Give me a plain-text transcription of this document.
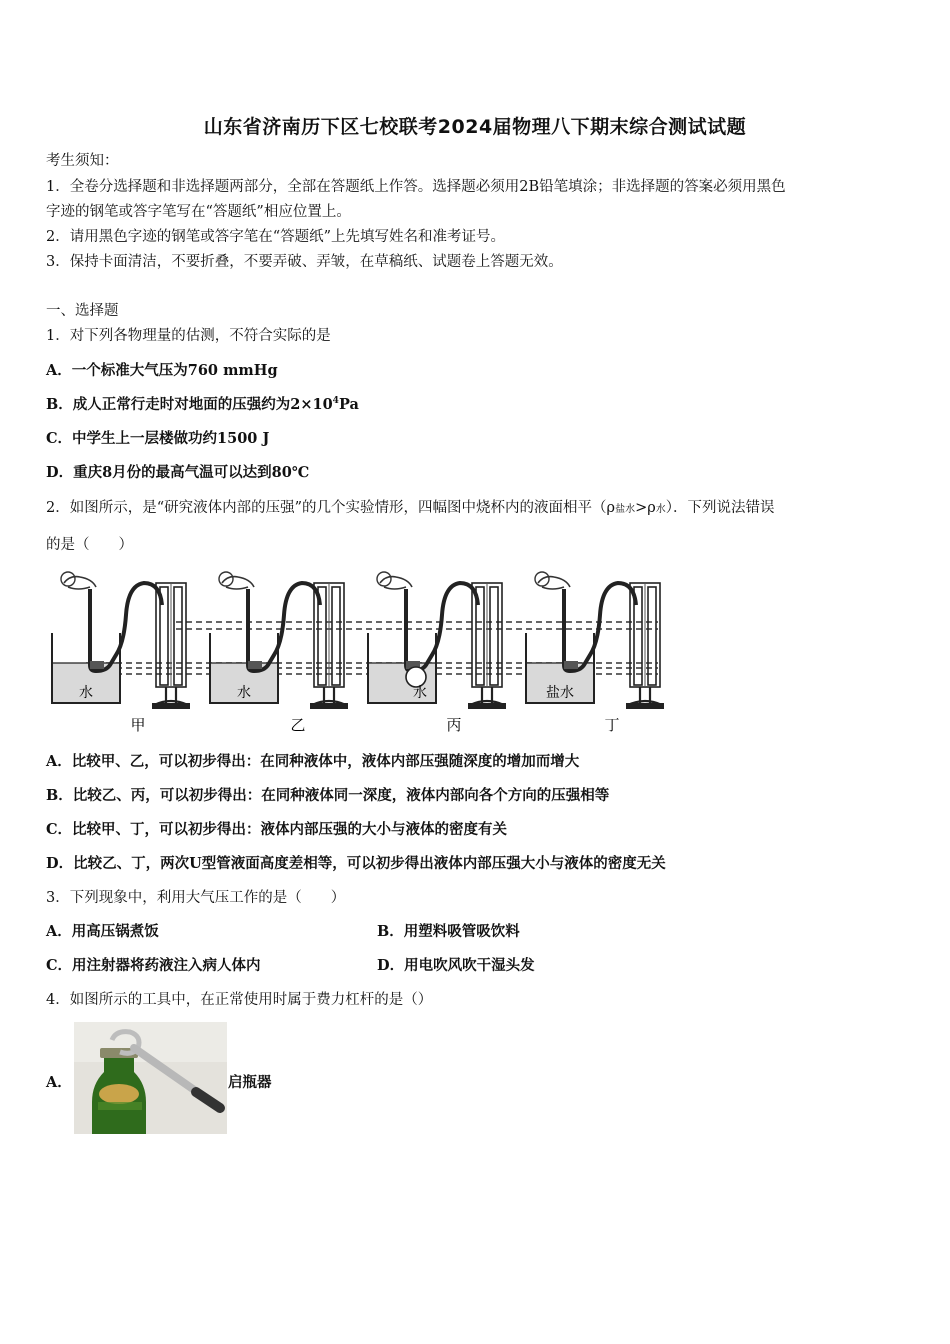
山东省济南历下区七校联考2024届物理八下期末综合测试试题
考生须知：
1．全卷分选择题和非选择题两部分，全部在答题纸上作答。选择题必须用2B铅笔填涂；非选择题的答案必须用黑色
字迹的钢笔或答字笔写在“答题纸”相应位置上。
2．请用黑色字迹的钢笔或答字笔在“答题纸”上先填写姓名和准考证号。
3．保持卡面清洁，不要折叠，不要弄破、弄皱，在草稿纸、试题卷上答题无效。
一、选择题
1．对下列各物理量的估测，不符合实际的是
A．一个标准大气压为760 mmHg
B．成人正常行走时对地面的压强约为$2\times 10^4Pa$
C．中学生上一层楼做功约1500 J
D．重庆8月份的最高气温可以达到80℃
2．如图所示，是“研究液体内部的压强”的几个实验情形，四幅图中烧杯内的液面相平（ρ盐水>ρ水）．下列说法错误
的是（　　）
水	水	水	盐水
甲	乙	丙	丁
A．比较甲、乙，可以初步得出：在同种液体中，液体内部压强随深度的增加而增大
B．比较乙、丙，可以初步得出：在同种液体同一深度，液体内部向各个方向的压强相等
C．比较甲、丁，可以初步得出：液体内部压强的大小与液体的密度有关
D．比较乙、丁，两次U型管液面高度差相等，可以初步得出液体内部压强大小与液体的密度无关
3．下列现象中，利用大气压工作的是（　　）
A．用高压锅煮饭	B．用塑料吸管吸饮料
C．用注射器将药液注入病人体内	D．用电吹风吹干湿头发
4．如图所示的工具中，在正常使用时属于费力杠杆的是（）
A．	启瓶器
